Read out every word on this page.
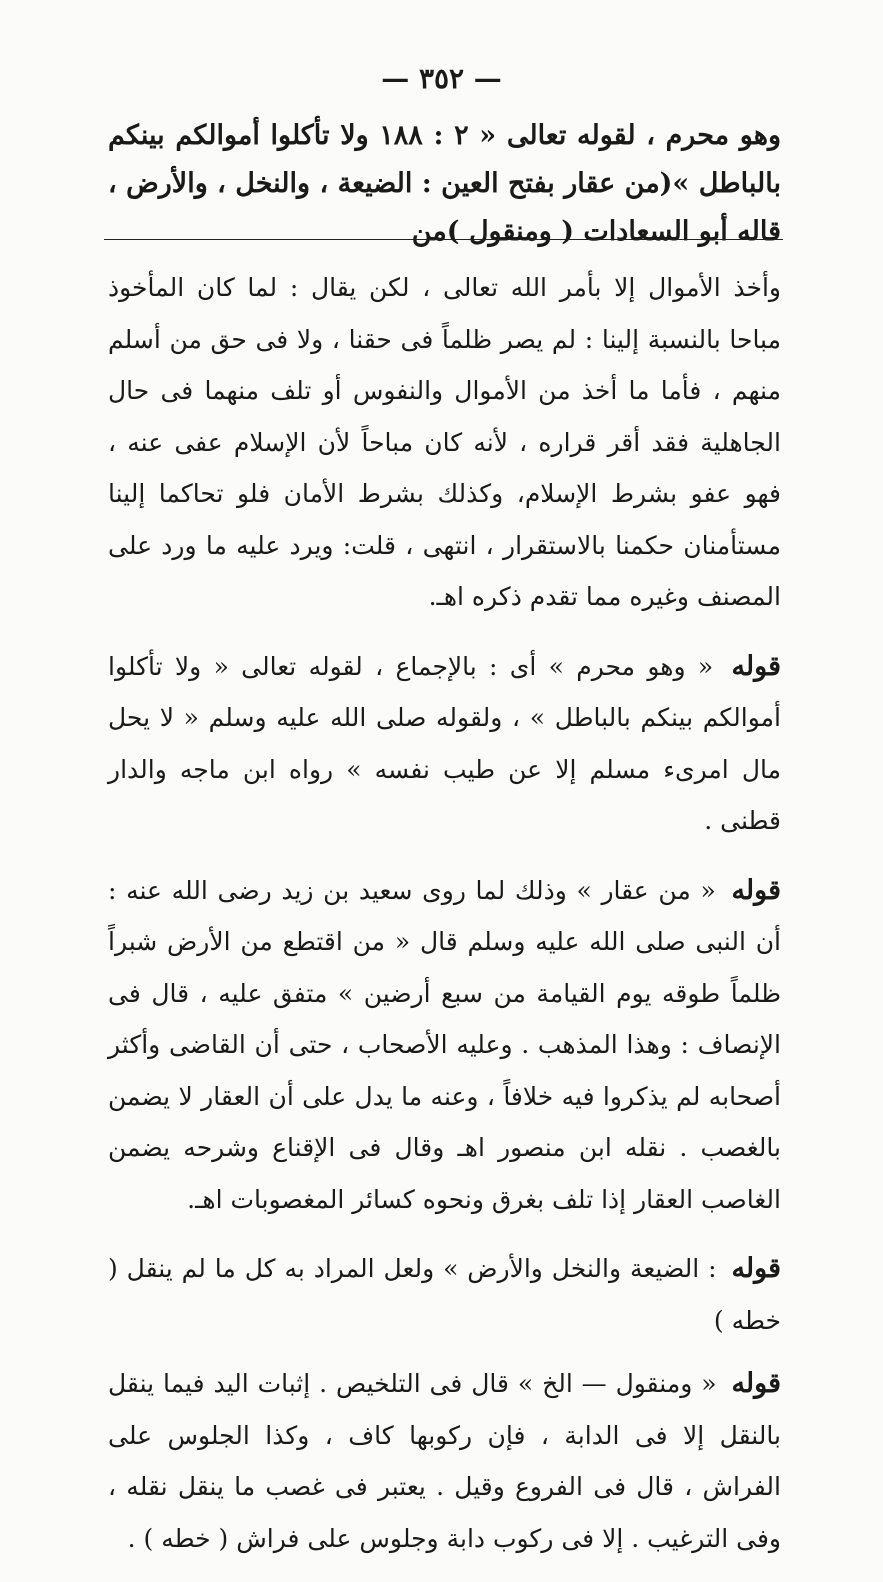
— ٣٥٢ —
وهو محرم ، لقوله تعالى « ٢ : ١٨٨ ولا تأكلوا أموالكم بينكم بالباطل »(من عقار بفتح العين : الضيعة ، والنخل ، والأرض ، قاله أبو السعادات ( ومنقول )من

وأخذ الأموال إلا بأمر الله تعالى ، لكن يقال : لما كان المأخوذ مباحا بالنسبة إلينا : لم يصر ظلماً فى حقنا ، ولا فى حق من أسلم منهم ، فأما ما أخذ من الأموال والنفوس أو تلف منهما فى حال الجاهلية فقد أقر قراره ، لأنه كان مباحاً لأن الإسلام عفى عنه ، فهو عفو بشرط الإسلام، وكذلك بشرط الأمان فلو تحاكما إلينا مستأمنان حكمنا بالاستقرار ، انتهى ، قلت: ويرد عليه ما ورد على المصنف وغيره مما تقدم ذكره اهـ.

قوله « وهو محرم » أى : بالإجماع ، لقوله تعالى « ولا تأكلوا أموالكم بينكم بالباطل » ، ولقوله صلى الله عليه وسلم « لا يحل مال امرىء مسلم إلا عن طيب نفسه » رواه ابن ماجه والدار قطنى .

قوله « من عقار » وذلك لما روى سعيد بن زيد رضى الله عنه : أن النبى صلى الله عليه وسلم قال « من اقتطع من الأرض شبراً ظلماً طوقه يوم القيامة من سبع أرضين » متفق عليه ، قال فى الإنصاف : وهذا المذهب . وعليه الأصحاب ، حتى أن القاضى وأكثر أصحابه لم يذكروا فيه خلافاً ، وعنه ما يدل على أن العقار لا يضمن بالغصب . نقله ابن منصور اهـ وقال فى الإقناع وشرحه يضمن الغاصب العقار إذا تلف بغرق ونحوه كسائر المغصوبات اهـ.

قوله : الضيعة والنخل والأرض » ولعل المراد به كل ما لم ينقل ( خطه )

قوله « ومنقول — الخ » قال فى التلخيص . إثبات اليد فيما ينقل بالنقل إلا فى الدابة ، فإن ركوبها كاف ، وكذا الجلوس على الفراش ، قال فى الفروع وقيل . يعتبر فى غصب ما ينقل نقله ، وفى الترغيب . إلا فى ركوب دابة وجلوس على فراش ( خطه ) .
